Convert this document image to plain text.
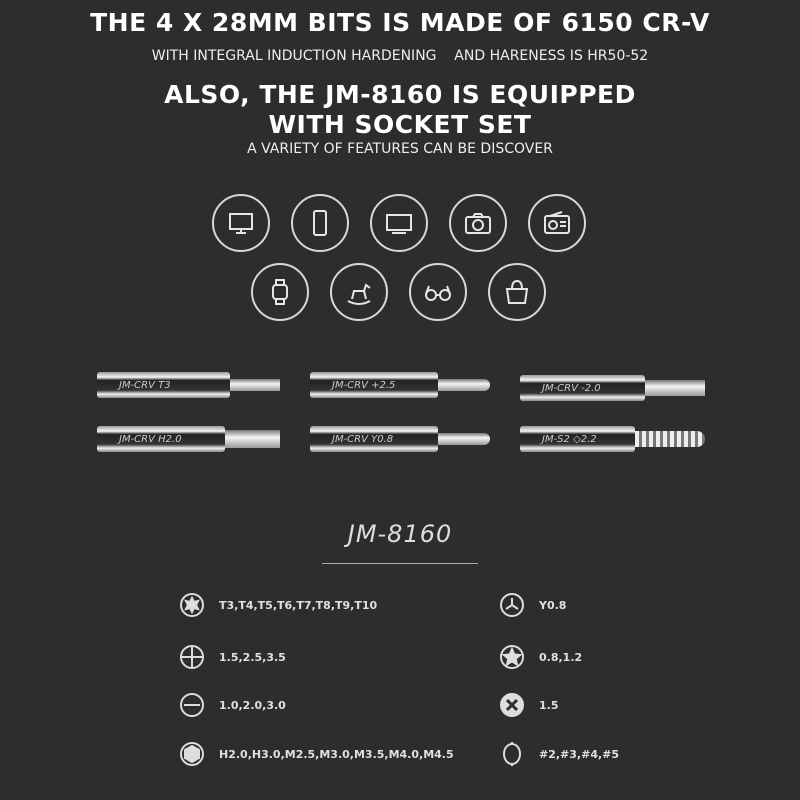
THE 4 X 28MM BITS IS MADE OF 6150 CR-V
WITH INTEGRAL INDUCTION HARDENING    AND HARENESS IS HR50-52
ALSO, THE JM-8160 IS EQUIPPED
WITH SOCKET SET
A VARIETY OF FEATURES CAN BE DISCOVER
JM-CRV T3	JM-CRV +2.5	JM-CRV -2.0
JM-CRV H2.0	JM-CRV Y0.8	JM-S2 ◇2.2
JM-8160
T3,T4,T5,T6,T7,T8,T9,T10	Y0.8
1.5,2.5,3.5	0.8,1.2
1.0,2.0,3.0	1.5
H2.0,H3.0,M2.5,M3.0,M3.5,M4.0,M4.5	#2,#3,#4,#5
